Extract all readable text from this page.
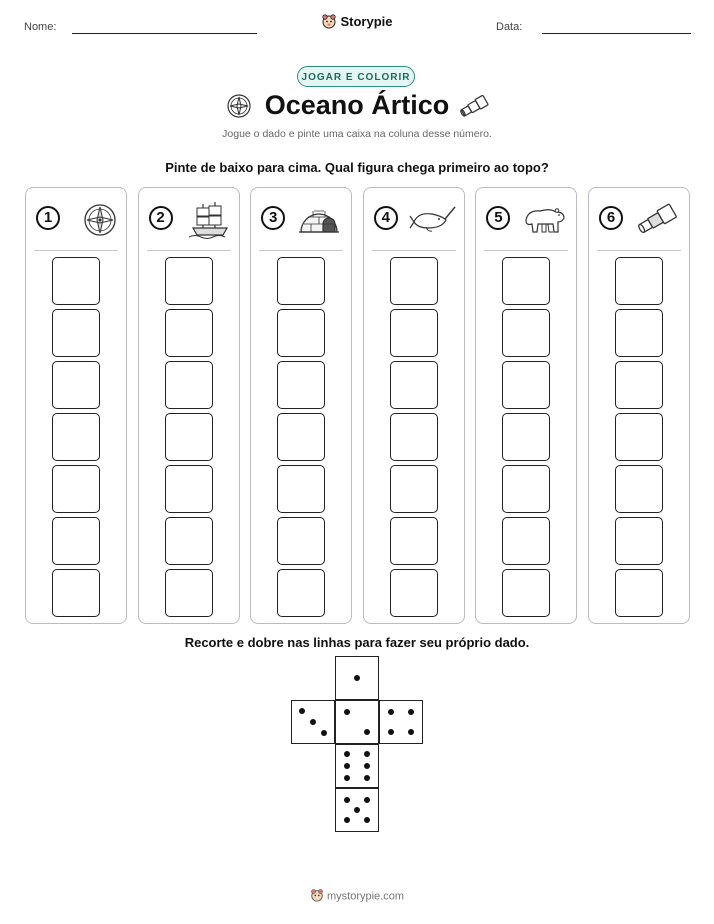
Nome:	Storypie	Data:
JOGAR E COLORIR
Oceano Ártico
Jogue o dado e pinte uma caixa na coluna desse número.
Pinte de baixo para cima. Qual figura chega primeiro ao topo?
1	2	3	4	5	6
Recorte e dobre nas linhas para fazer seu próprio dado.
mystorypie.com
